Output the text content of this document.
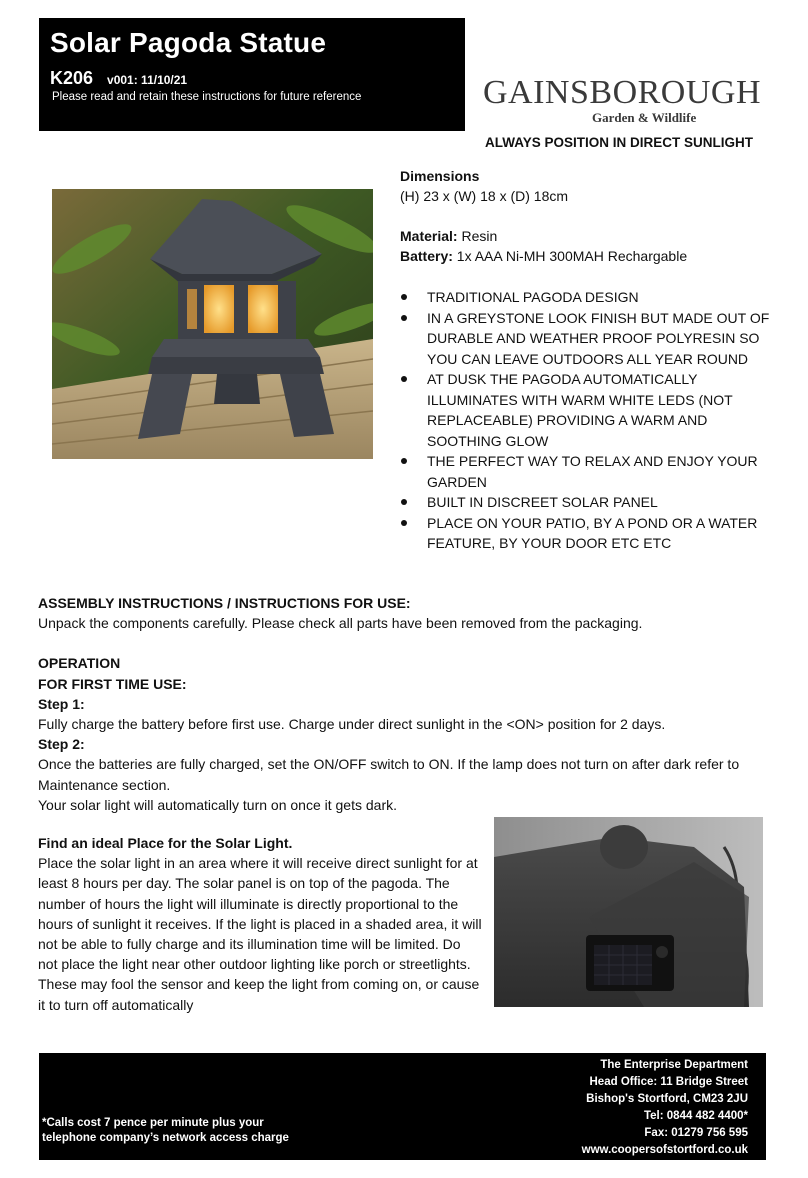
Solar Pagoda Statue
K206 v001: 11/10/21
Please read and retain these instructions for future reference	GAINSBOROUGH
Garden & Wildlife
ALWAYS POSITION IN DIRECT SUNLIGHT
Dimensions
(H) 23 x (W) 18 x (D) 18cm
Material: Resin
Battery: 1x AAA Ni-MH 300MAH Rechargable
TRADITIONAL PAGODA DESIGN
IN A GREYSTONE LOOK FINISH BUT MADE OUT OF DURABLE AND WEATHER PROOF POLYRESIN SO YOU CAN LEAVE OUTDOORS ALL YEAR ROUND
AT DUSK THE PAGODA AUTOMATICALLY ILLUMINATES WITH WARM WHITE LEDS (NOT REPLACEABLE) PROVIDING A WARM AND SOOTHING GLOW
THE PERFECT WAY TO RELAX AND ENJOY YOUR GARDEN
BUILT IN DISCREET SOLAR PANEL
PLACE ON YOUR PATIO, BY A POND OR A WATER FEATURE, BY YOUR DOOR ETC ETC
ASSEMBLY INSTRUCTIONS / INSTRUCTIONS FOR USE:
Unpack the components carefully. Please check all parts have been removed from the packaging.
OPERATION
FOR FIRST TIME USE:
Step 1:
Fully charge the battery before first use. Charge under direct sunlight in the <ON> position for 2 days.
Step 2:
Once the batteries are fully charged, set the ON/OFF switch to ON. If the lamp does not turn on after dark refer to Maintenance section.
Your solar light will automatically turn on once it gets dark.
Find an ideal Place for the Solar Light.
Place the solar light in an area where it will receive direct sunlight for at least 8 hours per day. The solar panel is on top of the pagoda. The number of hours the light will illuminate is directly proportional to the hours of sunlight it receives. If the light is placed in a shaded area, it will not be able to fully charge and its illumination time will be limited. Do not place the light near other outdoor lighting like porch or streetlights. These may fool the sensor and keep the light from coming on, or cause it to turn off automatically
*Calls cost 7 pence per minute plus your
telephone company’s network access charge
The Enterprise Department
Head Office: 11 Bridge Street
Bishop's Stortford, CM23 2JU
Tel: 0844 482 4400*
Fax: 01279 756 595
www.coopersofstortford.co.uk
